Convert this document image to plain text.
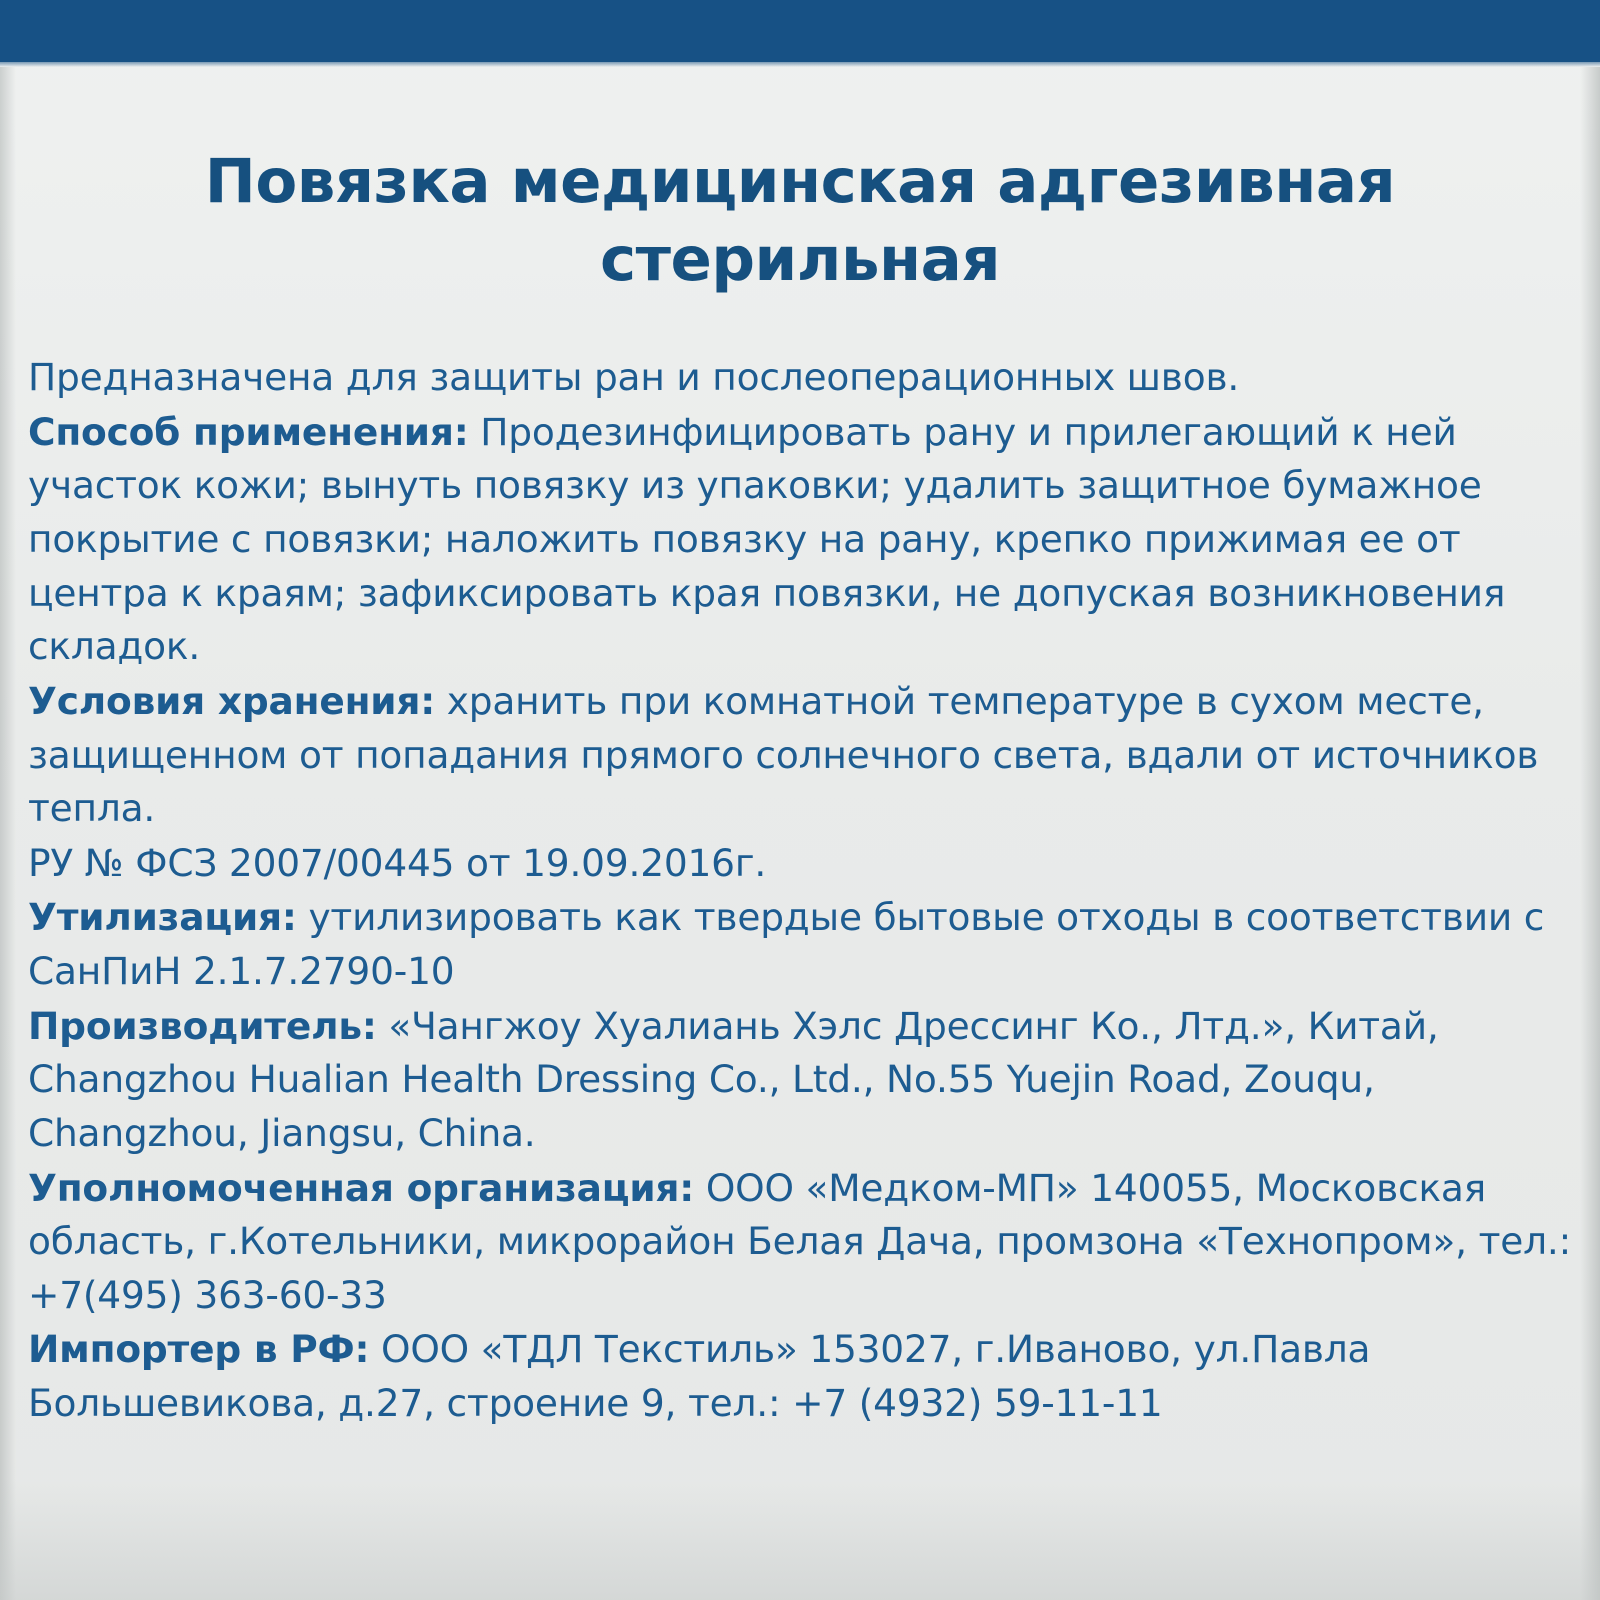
Повязка медицинская адгезивная стерильная

Предназначена для защиты ран и послеоперационных швов.

Способ применения: Продезинфицировать рану и прилегающий к ней участок кожи; вынуть повязку из упаковки; удалить защитное бумажное покрытие с повязки; наложить повязку на рану, крепко прижимая ее от центра к краям; зафиксировать края повязки, не допуская возникновения складок.

Условия хранения: хранить при комнатной температуре в сухом месте, защищенном от попадания прямого солнечного света, вдали от источников тепла.

РУ № ФСЗ 2007/00445 от 19.09.2016г.

Утилизация: утилизировать как твердые бытовые отходы в соответствии с СанПиН 2.1.7.2790-10

Производитель: «Чангжоу Хуалиань Хэлс Дрессинг Ко., Лтд.», Китай, Changzhou Hualian Health Dressing Co., Ltd., No.55 Yuejin Road, Zouqu, Changzhou, Jiangsu, China.

Уполномоченная организация: ООО «Медком-МП» 140055, Московская область, г.Котельники, микрорайон Белая Дача, промзона «Технопром», тел.: +7(495) 363-60-33

Импортер в РФ: ООО «ТДЛ Текстиль» 153027, г.Иваново, ул.Павла Большевикова, д.27, строение 9, тел.: +7 (4932) 59-11-11
